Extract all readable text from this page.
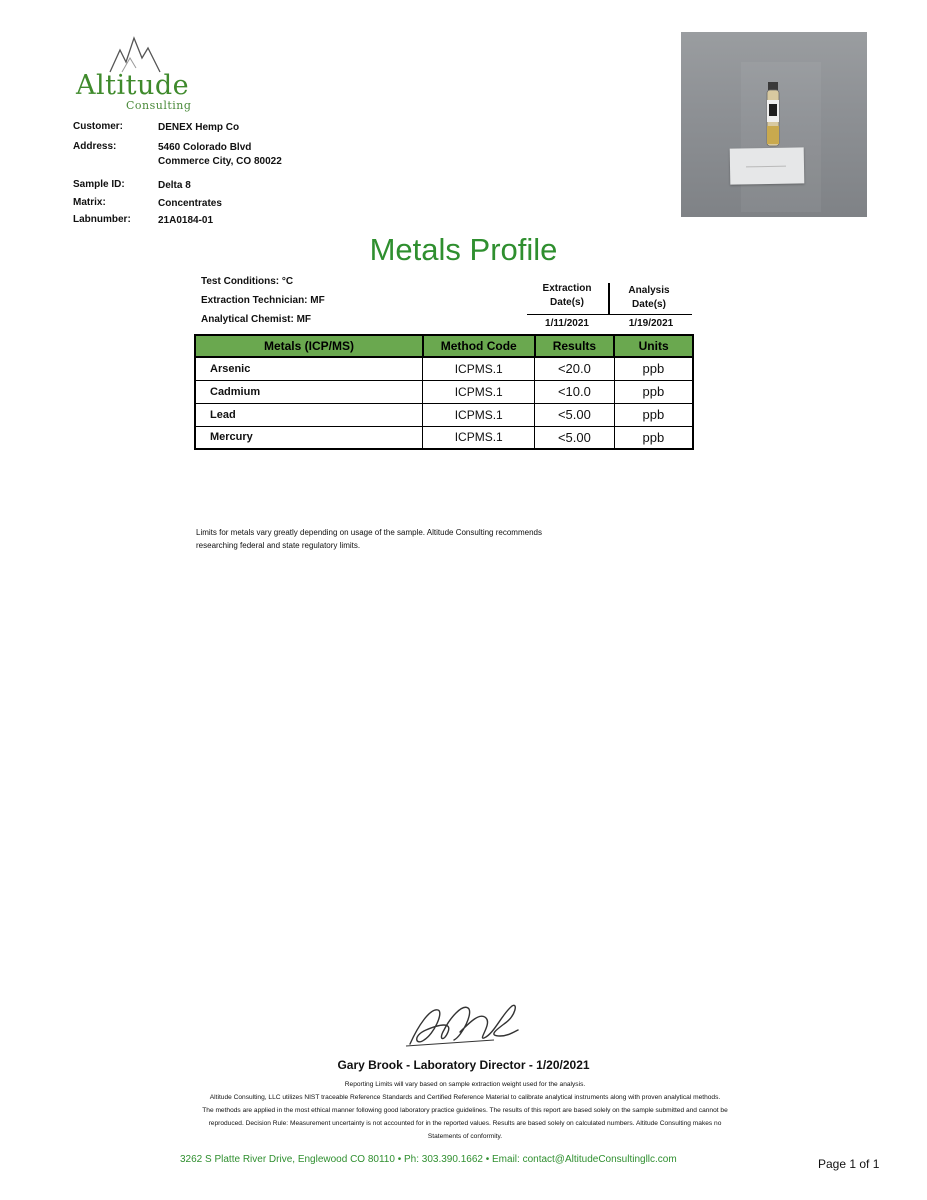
Altitude
Consulting
Customer:	DENEX Hemp Co
Address:	5460 Colorado Blvd
Commerce City, CO 80022
Sample ID:	Delta 8
Matrix:	Concentrates
Labnumber:	21A0184-01
Metals Profile
Test Conditions: °C
Extraction Technician: MF
Analytical Chemist: MF
Extraction
Date(s)
Analysis
Date(s)
1/11/2021	1/19/2021
Metals (ICP/MS)	Method Code	Results	Units
Arsenic	ICPMS.1	<20.0	ppb
Cadmium	ICPMS.1	<10.0	ppb
Lead	ICPMS.1	<5.00	ppb
Mercury	ICPMS.1	<5.00	ppb
Limits for metals vary greatly depending on usage of the sample. Altitude Consulting recommends
researching federal and state regulatory limits.
Gary Brook - Laboratory Director - 1/20/2021
Reporting Limits will vary based on sample extraction weight used for the analysis.
Altitude Consulting, LLC utilizes NIST traceable Reference Standards and Certified Reference Material to calibrate analytical instruments along with proven analytical methods.
The methods are applied in the most ethical manner following good laboratory practice guidelines. The results of this report are based solely on the sample submitted and cannot be
reproduced. Decision Rule: Measurement uncertainty is not accounted for in the reported values. Results are based solely on calculated numbers. Altitude Consulting makes no
Statements of conformity.
3262 S Platte River Drive, Englewood CO 80110 • Ph: 303.390.1662 • Email: contact@AltitudeConsultingllc.com	Page 1 of 1
